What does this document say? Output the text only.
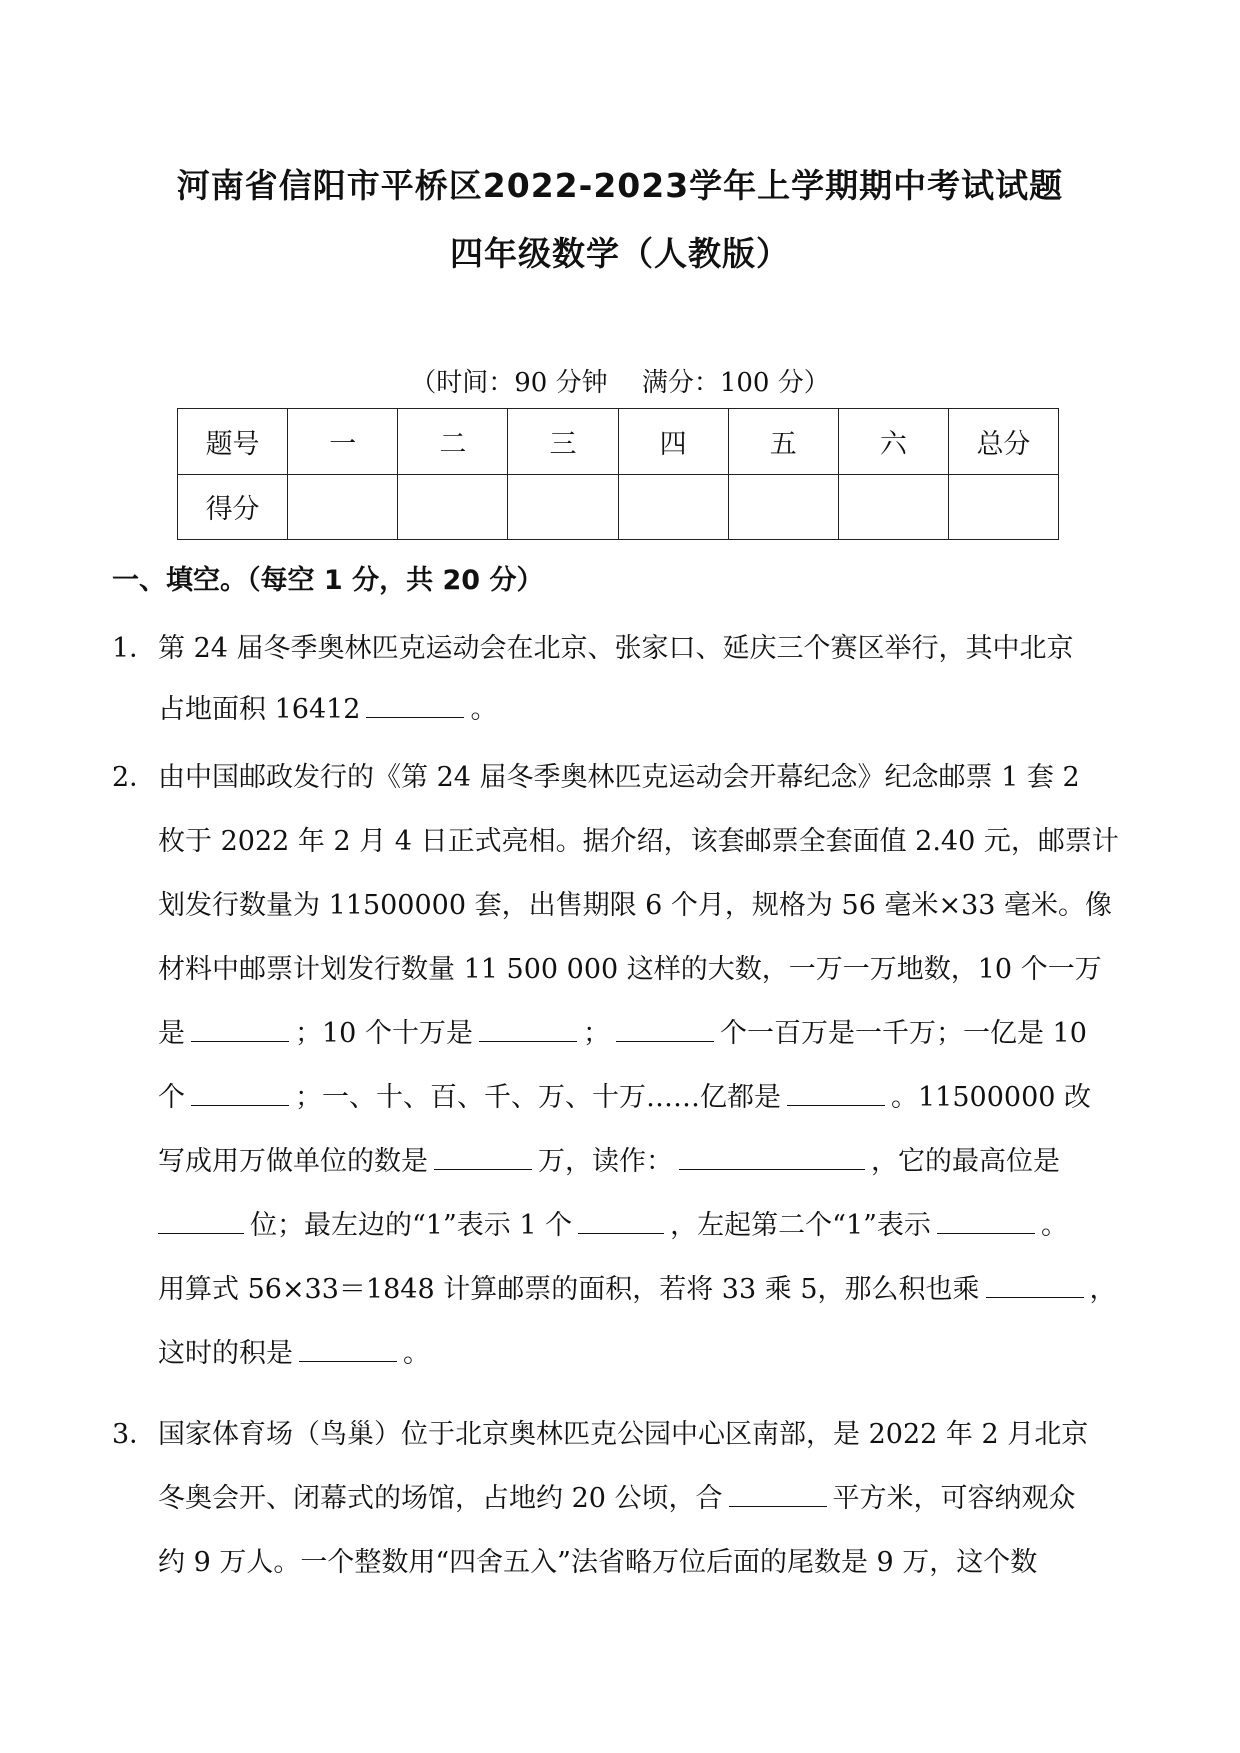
河南省信阳市平桥区2022-2023学年上学期期中考试试题
四年级数学（人教版）

（时间：90 分钟　 满分：100 分）

题号	一	二	三	四	五	六	总分
得分							
一、填空。（每空 1 分，共 20 分）
1． 第 24 届冬季奥林匹克运动会在北京、张家口、延庆三个赛区举行，其中北京
占地面积 16412	。
2． 由中国邮政发行的《第 24 届冬季奥林匹克运动会开幕纪念》纪念邮票 1 套 2
枚于 2022 年 2 月 4 日正式亮相。据介绍，该套邮票全套面值 2.40 元，邮票计
划发行数量为 11500000 套，出售期限 6 个月，规格为 56 毫米×33 毫米。像
材料中邮票计划发行数量 11 500 000 这样的大数，一万一万地数，10 个一万
是	；10 个十万是	；	个一百万是一千万；一亿是 10
个	；一、十、百、千、万、十万……亿都是	。11500000 改
写成用万做单位的数是	万，读作：	，它的最高位是
位；最左边的“1”表示 1 个	，左起第二个“1”表示	。
用算式 56×33＝1848 计算邮票的面积，若将 33 乘 5，那么积也乘	，
这时的积是	。
3． 国家体育场（鸟巢）位于北京奥林匹克公园中心区南部，是 2022 年 2 月北京
冬奥会开、闭幕式的场馆，占地约 20 公顷，合	平方米，可容纳观众
约 9 万人。一个整数用“四舍五入”法省略万位后面的尾数是 9 万，这个数
